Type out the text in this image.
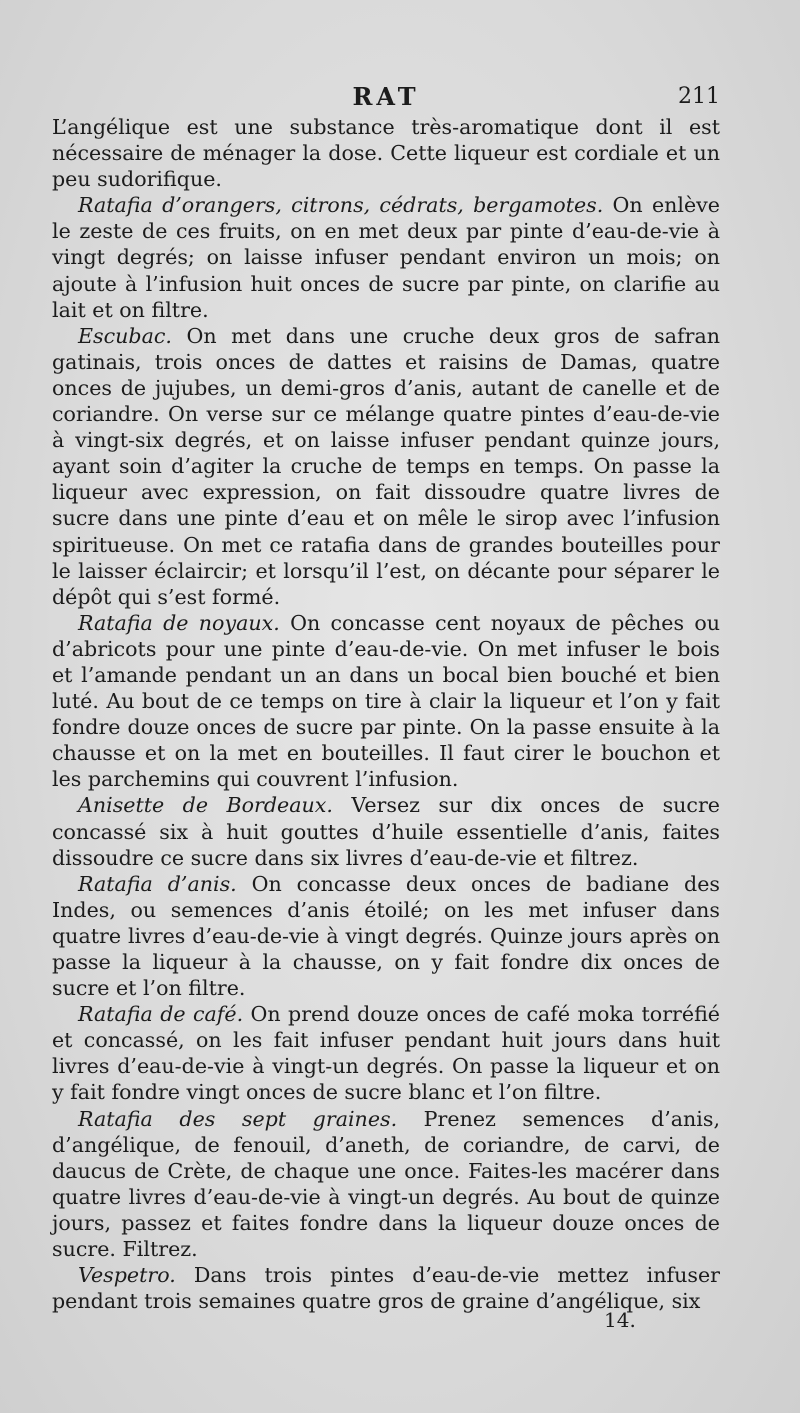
RAT	211

L’angélique est une substance très-aromatique dont il est nécessaire de ménager la dose. Cette liqueur est cordiale et un peu sudorifique.

Ratafia d’orangers, citrons, cédrats, bergamotes. On enlève le zeste de ces fruits, on en met deux par pinte d’eau-de-vie à vingt degrés; on laisse infuser pendant environ un mois; on ajoute à l’infusion huit onces de sucre par pinte, on clarifie au lait et on filtre.

Escubac. On met dans une cruche deux gros de safran gatinais, trois onces de dattes et raisins de Damas, quatre onces de jujubes, un demi-gros d’anis, autant de canelle et de coriandre. On verse sur ce mélange quatre pintes d’eau-de-vie à vingt-six degrés, et on laisse infuser pendant quinze jours, ayant soin d’agiter la cruche de temps en temps. On passe la liqueur avec expression, on fait dissoudre quatre livres de sucre dans une pinte d’eau et on mêle le sirop avec l’infusion spiritueuse. On met ce ratafia dans de grandes bouteilles pour le laisser éclaircir; et lorsqu’il l’est, on décante pour séparer le dépôt qui s’est formé.

Ratafia de noyaux. On concasse cent noyaux de pêches ou d’abricots pour une pinte d’eau-de-vie. On met infuser le bois et l’amande pendant un an dans un bocal bien bouché et bien luté. Au bout de ce temps on tire à clair la liqueur et l’on y fait fondre douze onces de sucre par pinte. On la passe ensuite à la chausse et on la met en bouteilles. Il faut cirer le bouchon et les parchemins qui couvrent l’infusion.

Anisette de Bordeaux. Versez sur dix onces de sucre concassé six à huit gouttes d’huile essentielle d’anis, faites dissoudre ce sucre dans six livres d’eau-de-vie et filtrez.

Ratafia d’anis. On concasse deux onces de badiane des Indes, ou semences d’anis étoilé; on les met infuser dans quatre livres d’eau-de-vie à vingt degrés. Quinze jours après on passe la liqueur à la chausse, on y fait fondre dix onces de sucre et l’on filtre.

Ratafia de café. On prend douze onces de café moka torréfié et concassé, on les fait infuser pendant huit jours dans huit livres d’eau-de-vie à vingt-un degrés. On passe la liqueur et on y fait fondre vingt onces de sucre blanc et l’on filtre.

Ratafia des sept graines. Prenez semences d’anis, d’angélique, de fenouil, d’aneth, de coriandre, de carvi, de daucus de Crète, de chaque une once. Faites-les macérer dans quatre livres d’eau-de-vie à vingt-un degrés. Au bout de quinze jours, passez et faites fondre dans la liqueur douze onces de sucre. Filtrez.

Vespetro. Dans trois pintes d’eau-de-vie mettez infuser pendant trois semaines quatre gros de graine d’angélique, six

14.
